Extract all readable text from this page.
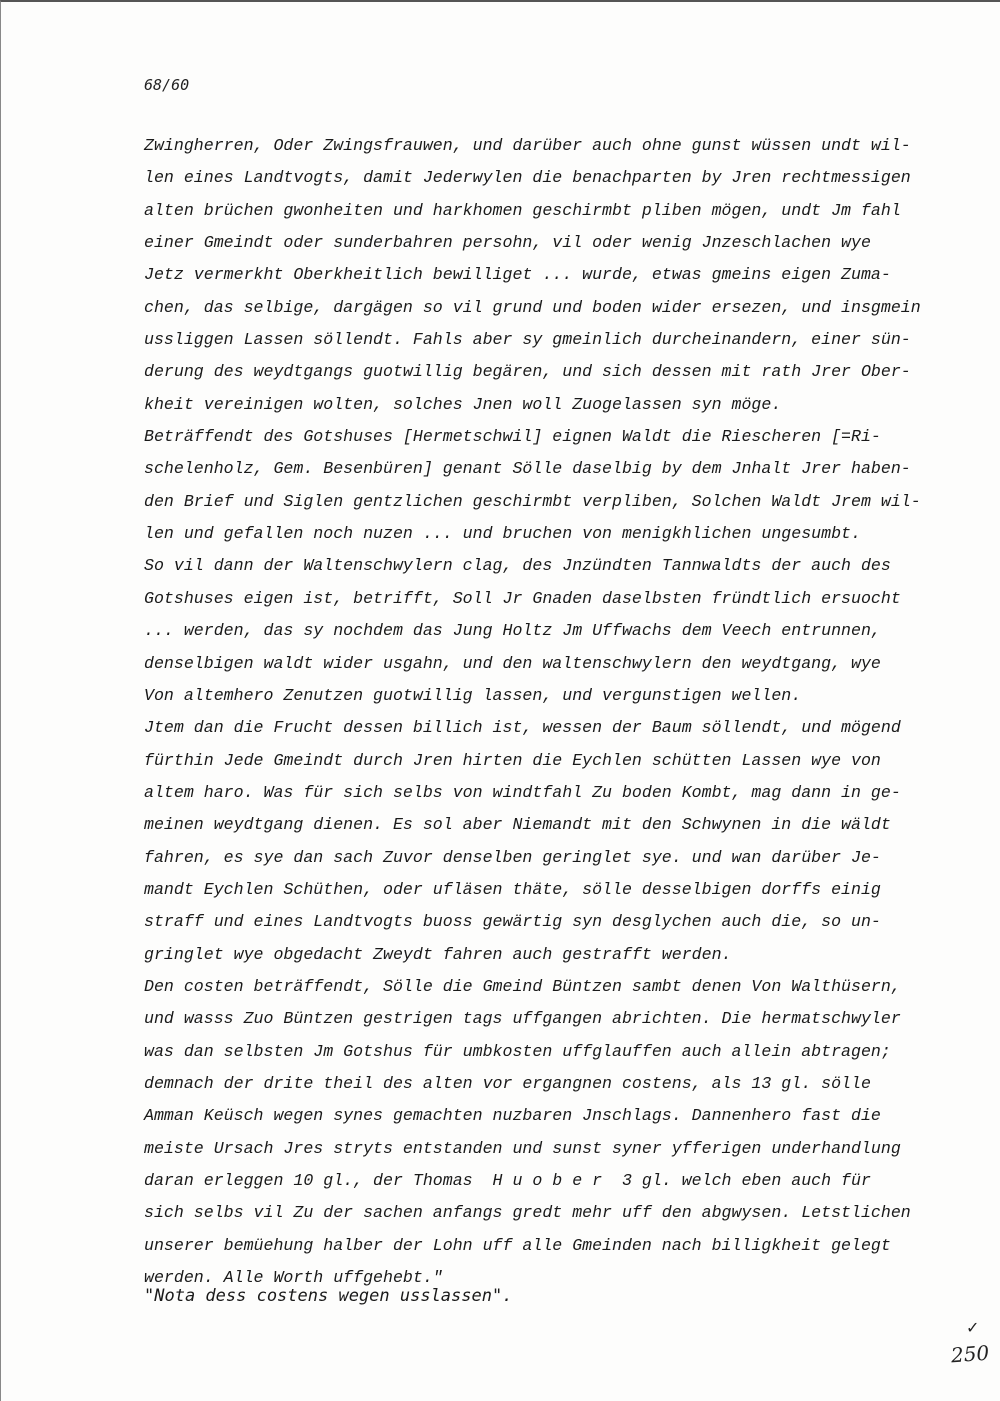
68/60
Zwingherren, Oder Zwingsfrauwen, und darüber auch ohne gunst wüssen undt wil-
len eines Landtvogts, damit Jederwylen die benachparten by Jren rechtmessigen
alten brüchen gwonheiten und harkhomen geschirmbt pliben mögen, undt Jm fahl
einer Gmeindt oder sunderbahren persohn, vil oder wenig Jnzeschlachen wye
Jetz vermerkht Oberkheitlich bewilliget ... wurde, etwas gmeins eigen Zuma-
chen, das selbige, dargägen so vil grund und boden wider ersezen, und insgmein
ussliggen Lassen söllendt. Fahls aber sy gmeinlich durcheinandern, einer sün-
derung des weydtgangs guotwillig begären, und sich dessen mit rath Jrer Ober-
kheit vereinigen wolten, solches Jnen woll Zuogelassen syn möge.
Beträffendt des Gotshuses [Hermetschwil] eignen Waldt die Riescheren [=Ri-
schelenholz, Gem. Besenbüren] genant Sölle daselbig by dem Jnhalt Jrer haben-
den Brief und Siglen gentzlichen geschirmbt verpliben, Solchen Waldt Jrem wil-
len und gefallen noch nuzen ... und bruchen von menigkhlichen ungesumbt.
So vil dann der Waltenschwylern clag, des Jnzündten Tannwaldts der auch des
Gotshuses eigen ist, betrifft, Soll Jr Gnaden daselbsten fründtlich ersuocht
... werden, das sy nochdem das Jung Holtz Jm Uffwachs dem Veech entrunnen,
denselbigen waldt wider usgahn, und den waltenschwylern den weydtgang, wye
Von altemhero Zenutzen guotwillig lassen, und vergunstigen wellen.
Jtem dan die Frucht dessen billich ist, wessen der Baum söllendt, und mögend
fürthin Jede Gmeindt durch Jren hirten die Eychlen schütten Lassen wye von
altem haro. Was für sich selbs von windtfahl Zu boden Kombt, mag dann in ge-
meinen weydtgang dienen. Es sol aber Niemandt mit den Schwynen in die wäldt
fahren, es sye dan sach Zuvor denselben geringlet sye. und wan darüber Je-
mandt Eychlen Schüthen, oder ufläsen thäte, sölle desselbigen dorffs einig
straff und eines Landtvogts buoss gewärtig syn desglychen auch die, so un-
gringlet wye obgedacht Zweydt fahren auch gestrafft werden.
Den costen beträffendt, Sölle die Gmeind Büntzen sambt denen Von Walthüsern,
und wasss Zuo Büntzen gestrigen tags uffgangen abrichten. Die hermatschwyler
was dan selbsten Jm Gotshus für umbkosten uffglauffen auch allein abtragen;
demnach der drite theil des alten vor ergangnen costens, als 13 gl. sölle
Amman Keüsch wegen synes gemachten nuzbaren Jnschlags. Dannenhero fast die
meiste Ursach Jres stryts entstanden und sunst syner yfferigen underhandlung
daran erleggen 10 gl., der Thomas  H u o b e r  3 gl. welch eben auch für
sich selbs vil Zu der sachen anfangs gredt mehr uff den abgwysen. Letstlichen
unserer bemüehung halber der Lohn uff alle Gmeinden nach billigkheit gelegt
werden. Alle Worth uffgehebt."
"Nota dess costens wegen usslassen".
✓
250
